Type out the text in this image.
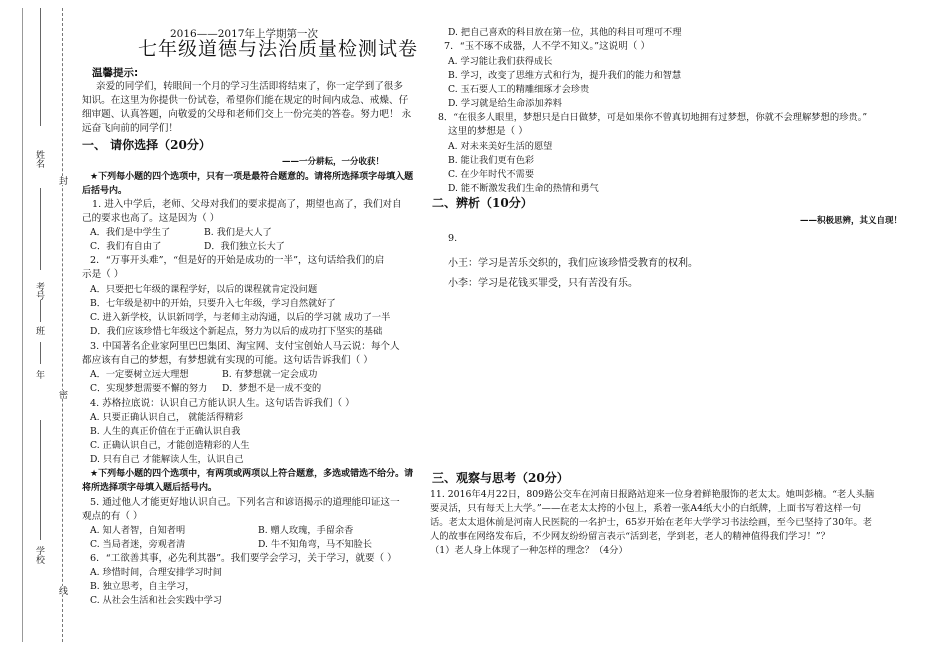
姓名
封
考号
班
年
密
学校
线
2016——2017年上学期第一次
七年级道德与法治质量检测试卷
温馨提示:
亲爱的同学们，转眼间一个月的学习生活即将结束了，你一定学到了很多
知识。在这里为你提供一份试卷，希望你们能在规定的时间内成急、戒燥、仔
细审题、认真答题，向敬爱的父母和老师们交上一份完美的答卷。努力吧！ 永
远奋飞向前的同学们！
一、 请你选择（20分）
——一分耕耘，一分收获！
★下列每小题的四个选项中，只有一项是最符合题意的。请将所选择项字母填入题
后括号内。
1. 进入中学后，老师、父母对我们的要求提高了，期望也高了，我们对自
己的要求也高了。这是因为（ ）
A．我们是中学生了	B. 我们是大人了
C．我们有自由了	D．我们独立长大了
2．“万事开头难”，“但是好的开始是成功的一半”，这句话给我们的启
示是（ ）
A．只要把七年级的课程学好，以后的课程就肯定没问题
B．七年级是初中的开始，只要升入七年级，学习自然就好了
C. 进入新学校，认识新同学，与老师主动沟通，以后的学习就 成功了一半
D．我们应该珍惜七年级这个新起点，努力为以后的成功打下坚实的基础
3. 中国著名企业家阿里巴巴集团、淘宝网、支付宝创始人马云说：每个人
都应该有自己的梦想，有梦想就有实现的可能。这句话告诉我们（ ）
A．一定要树立远大理想	B. 有梦想就一定会成功
C．实现梦想需要不懈的努力 D．梦想不是一成不变的
4. 苏格拉底说：认识自己方能认识人生。这句话告诉我们（ ）
A. 只要正确认识自己， 就能活得精彩
B. 人生的真正价值在于正确认识自我
C. 正确认识自己，才能创造精彩的人生
D. 只有自己 才能解读人生，认识自己
★下列每小题的四个选项中，有两项或两项以上符合题意，多选或错选不给分。请
将所选择项字母填入题后括号内。
5. 通过他人才能更好地认识自己。下列名言和谚语揭示的道理能印证这一
观点的有（ ）
A. 知人者智，自知者明	B. 赠人玫瑰，手留余香
C. 当局者迷，旁观者清	D. 牛不知角弯，马不知脸长
6．“工欲善其事，必先利其器”。我们要学会学习，关于学习，就要（ ）
A. 珍惜时间，合理安排学习时间
B. 独立思考，自主学习，
C. 从社会生活和社会实践中学习
D. 把自己喜欢的科目放在第一位，其他的科目可理可不理
7．“玉不琢不成器，人不学不知义。”这说明（ ）
A. 学习能让我们获得成长
B. 学习，改变了思维方式和行为，提升我们的能力和智慧
C. 玉石要人工的精雕细琢才会珍贵
D. 学习就是给生命添加养料
8．“在很多人眼里，梦想只是白日做梦，可是如果你不曾真切地拥有过梦想，你就不会理解梦想的珍贵。”
这里的梦想是（ ）
A. 对未来美好生活的愿望
B. 能让我们更有色彩
C. 在少年时代不需要
D. 能不断激发我们生命的热情和勇气
二、辨析（10分）
——积极思辨，其义自现！
9.
小王：学习是苦乐交织的，我们应该珍惜受教育的权利。
小李：学习是花钱买罪受，只有苦没有乐。
三、观察与思考（20分）
11. 2016年4月22日，809路公交车在河南日报路站迎来一位身着鲜艳服饰的老太太。她叫彭楠。“老人头脑
要灵活，只有每天上大学。”——在老太太挎的小包上，系着一张A4纸大小的白纸牌，上面书写着这样一句
话。老太太退休前是河南人民医院的一名护士，65岁开始在老年大学学习书法绘画，至今已坚持了30年。老
人的故事在网络发布后，不少网友纷纷留言表示“活到老，学到老，老人的精神值得我们学习！”？
（1）老人身上体现了一种怎样的理念？（4分）
